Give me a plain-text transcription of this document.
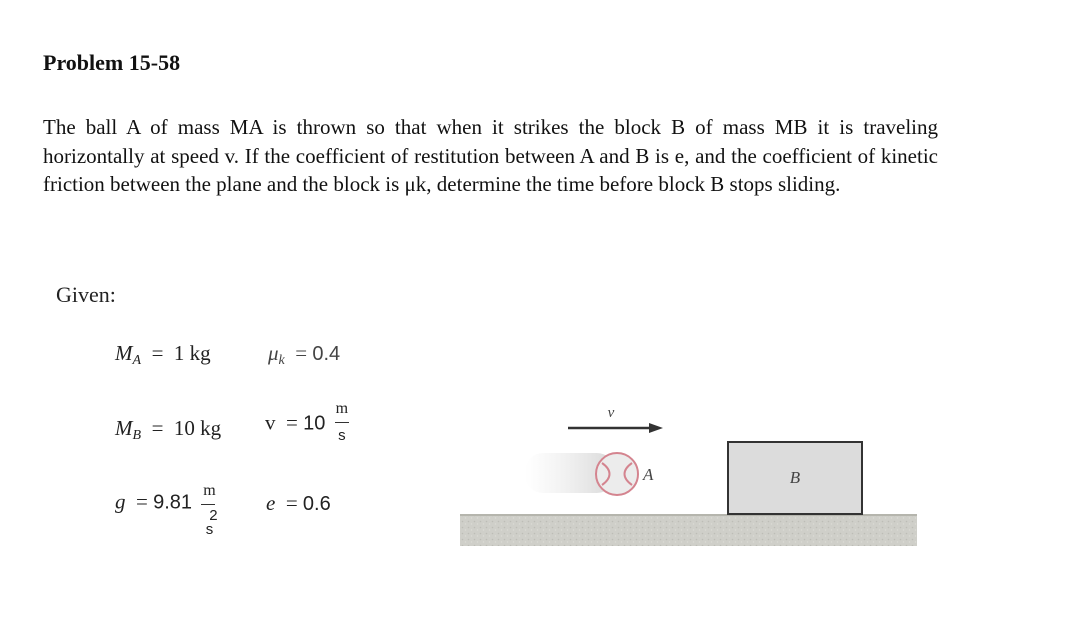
Problem 15-58

The ball A of mass MA is thrown so that when it strikes the block B of mass MB it is traveling horizontally at speed v. If the coefficient of restitution between A and B is e, and the coefficient of kinetic friction between the plane and the block is μk, determine the time before block B stops sliding.

Given:
$M_A = 1$ kg	$\mu_k = 0.4$
$M_B = 10$ kg $v = 10 \frac{m}{s}$
g  = 9.81
m
2
s
e  = 0.6
v
A	B
